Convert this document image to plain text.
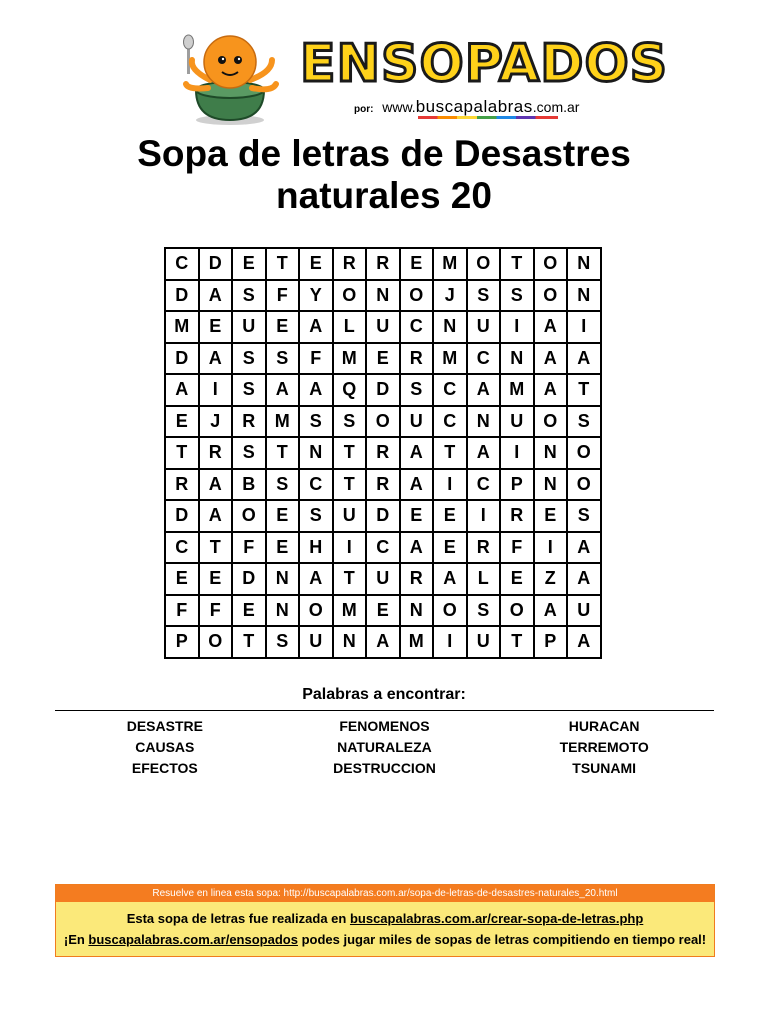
ENSOPADOS
por: www.buscapalabras.com.ar
Sopa de letras de Desastres
naturales 20
C	D	E	T	E	R	R	E	M	O	T	O	N
D	A	S	F	Y	O	N	O	J	S	S	O	N
M	E	U	E	A	L	U	C	N	U	I	A	I
D	A	S	S	F	M	E	R	M	C	N	A	A
A	I	S	A	A	Q	D	S	C	A	M	A	T
E	J	R	M	S	S	O	U	C	N	U	O	S
T	R	S	T	N	T	R	A	T	A	I	N	O
R	A	B	S	C	T	R	A	I	C	P	N	O
D	A	O	E	S	U	D	E	E	I	R	E	S
C	T	F	E	H	I	C	A	E	R	F	I	A
E	E	D	N	A	T	U	R	A	L	E	Z	A
F	F	E	N	O	M	E	N	O	S	O	A	U
P	O	T	S	U	N	A	M	I	U	T	P	A
Palabras a encontrar:
DESASTRE	FENOMENOS	HURACAN
CAUSAS	NATURALEZA	TERREMOTO
EFECTOS	DESTRUCCION	TSUNAMI
Resuelve en linea esta sopa: http://buscapalabras.com.ar/sopa-de-letras-de-desastres-naturales_20.html
Esta sopa de letras fue realizada en buscapalabras.com.ar/crear-sopa-de-letras.php
¡En buscapalabras.com.ar/ensopados podes jugar miles de sopas de letras compitiendo en tiempo real!
